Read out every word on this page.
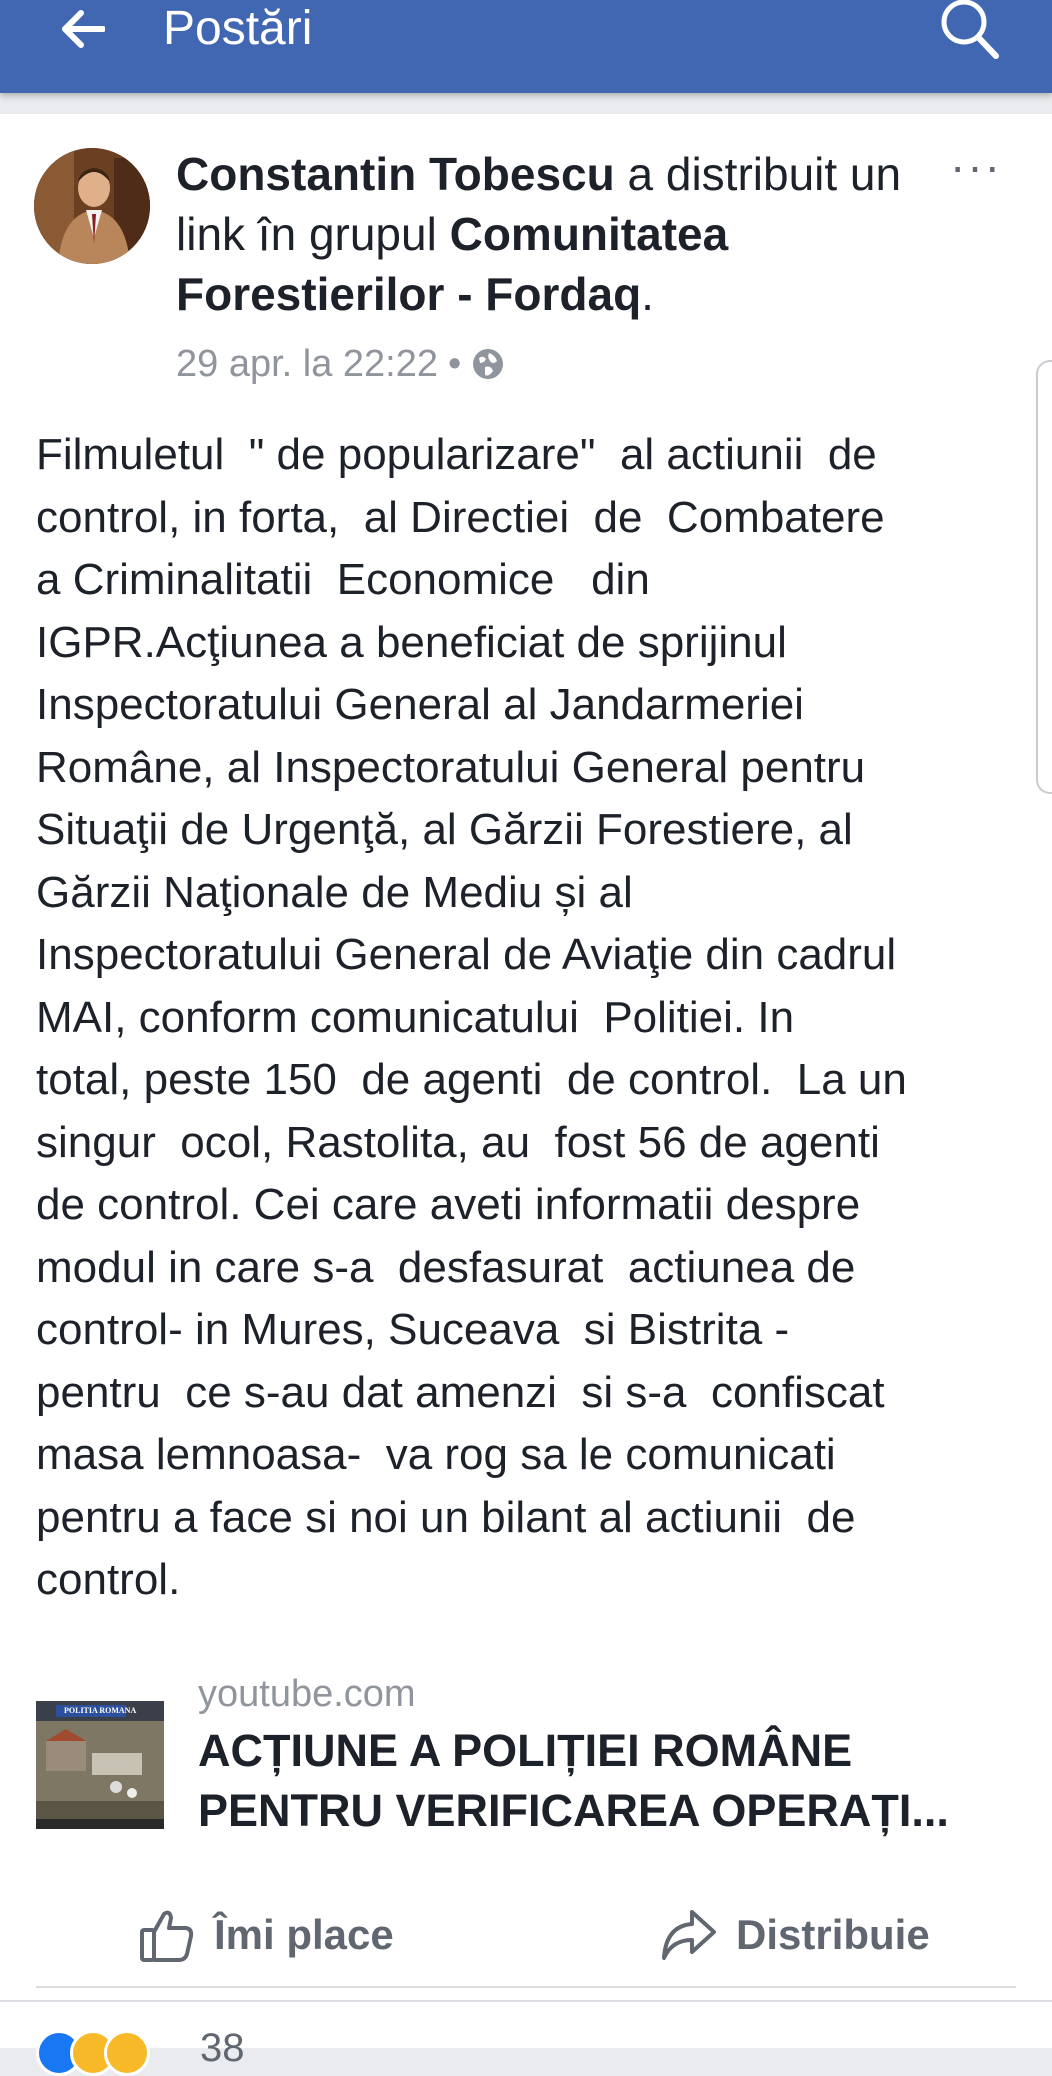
Postări
Constantin Tobescu a distribuit un link în grupul Comunitatea Forestierilor - Fordaq.
···
29 apr. la 22:22 •
Filmuletul  " de popularizare"  al actiunii  de
control, in forta,  al Directiei  de  Combatere
a Criminalitatii  Economice   din
IGPR.Acţiunea a beneficiat de sprijinul
Inspectoratului General al Jandarmeriei
Române, al Inspectoratului General pentru
Situaţii de Urgenţă, al Gărzii Forestiere, al
Gărzii Naţionale de Mediu și al
Inspectoratului General de Aviaţie din cadrul
MAI, conform comunicatului  Politiei. In
total, peste 150  de agenti  de control.  La un
singur  ocol, Rastolita, au  fost 56 de agenti
de control. Cei care aveti informatii despre
modul in care s-a  desfasurat  actiunea de
control- in Mures, Suceava  si Bistrita -
pentru  ce s-au dat amenzi  si s-a  confiscat
masa lemnoasa-  va rog sa le comunicati
pentru a face si noi un bilant al actiunii  de
control.
POLITIA ROMANA youtube.com
ACȚIUNE A POLIȚIEI ROMÂNE PENTRU VERIFICAREA OPERAȚI...
Îmi place	Distribuie
38
